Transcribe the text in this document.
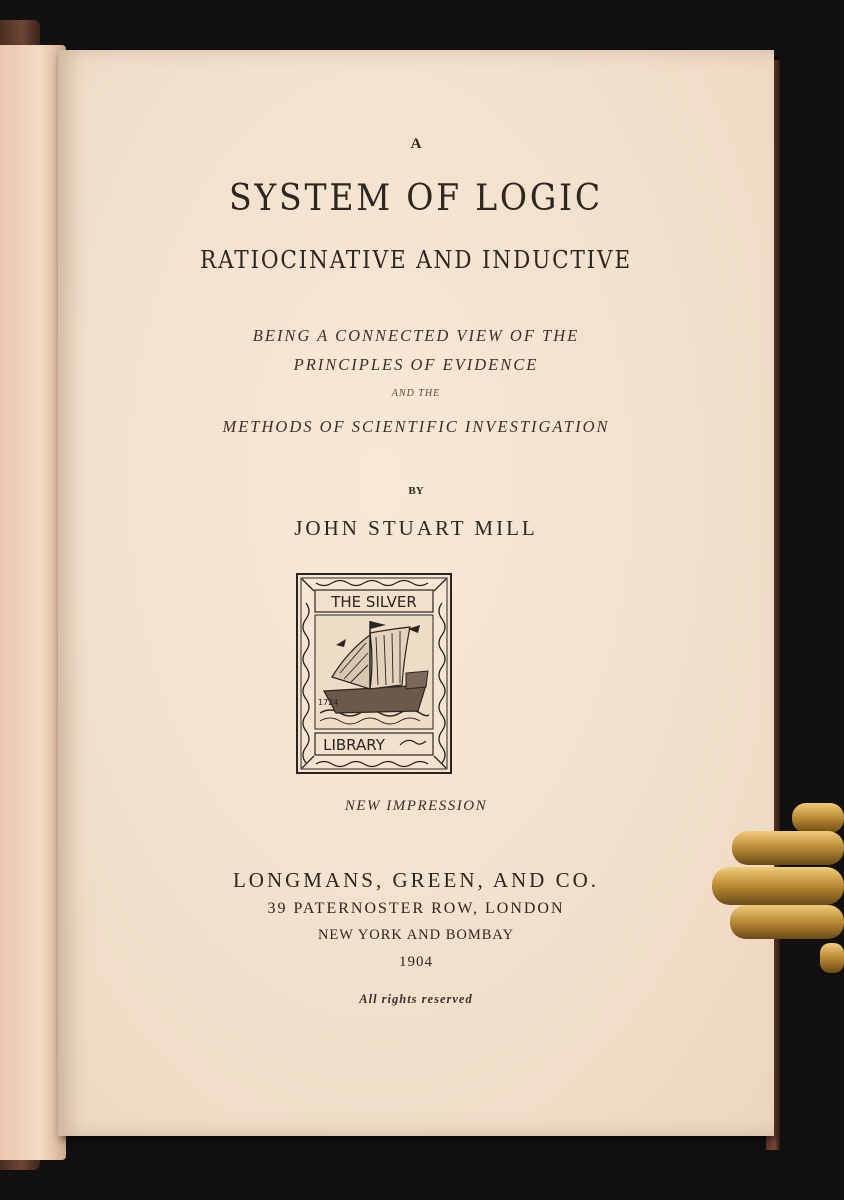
A

SYSTEM OF LOGIC

RATIOCINATIVE AND INDUCTIVE

BEING A CONNECTED VIEW OF THE

PRINCIPLES OF EVIDENCE

AND THE

METHODS OF SCIENTIFIC INVESTIGATION

BY

JOHN STUART MILL

THE SILVER
LIBRARY
1724

NEW IMPRESSION

LONGMANS, GREEN, AND CO.

39 PATERNOSTER ROW, LONDON

NEW YORK AND BOMBAY

1904

All rights reserved
